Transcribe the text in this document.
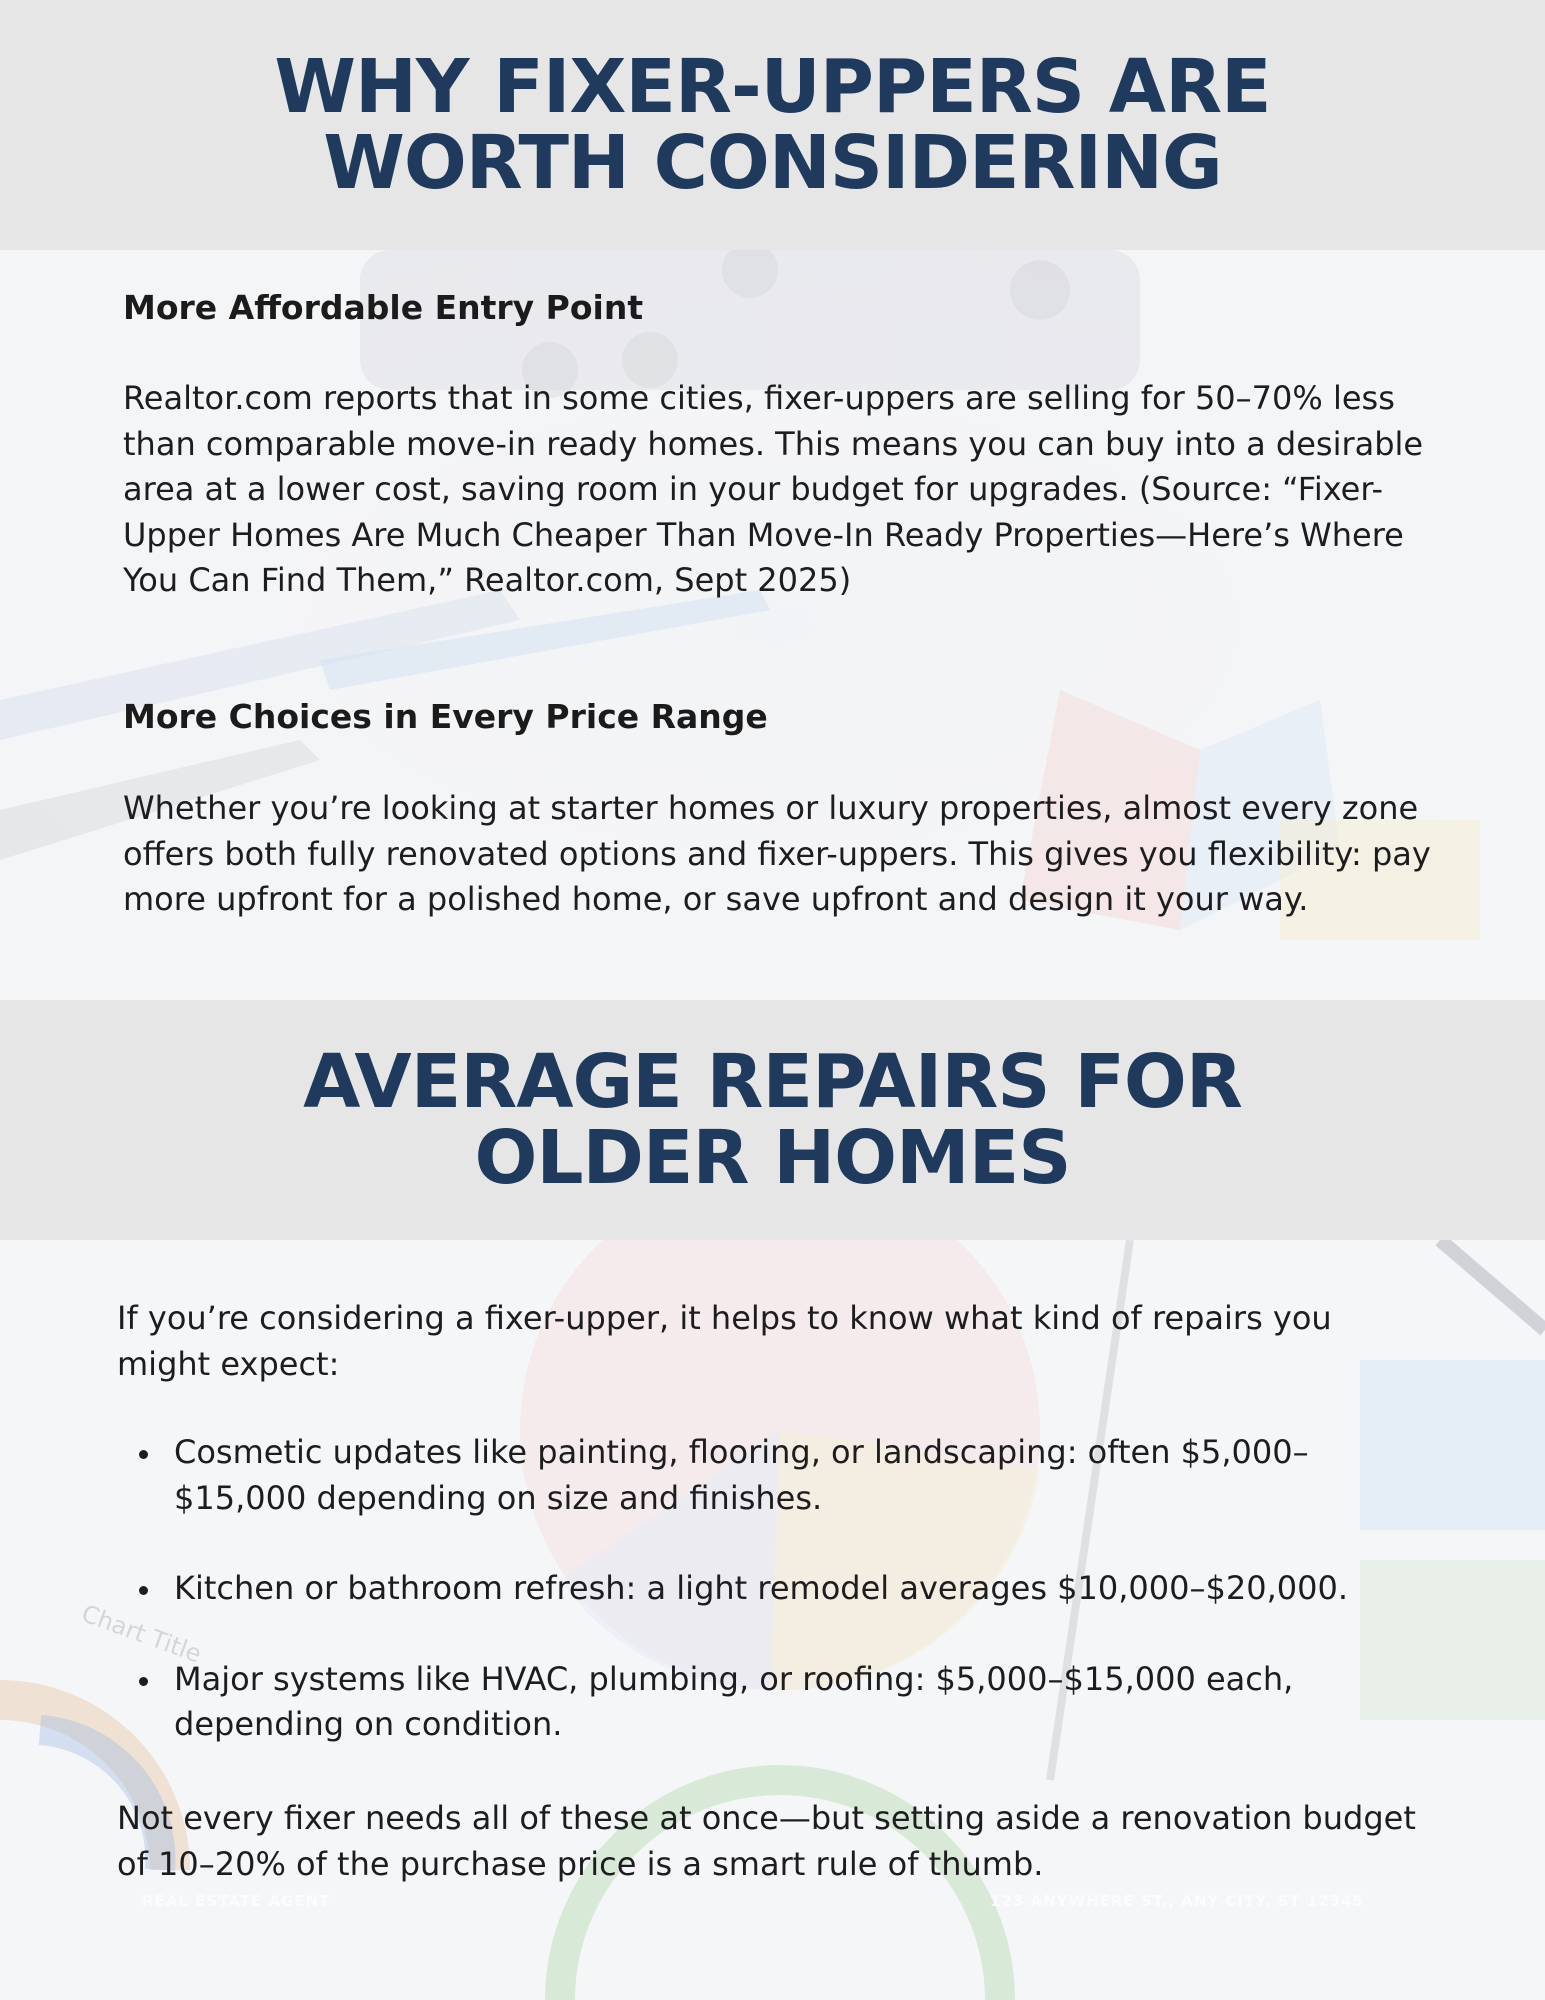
Chart Title
WHY FIXER-UPPERS ARE
WORTH CONSIDERING
More Affordable Entry Point

Realtor.com reports that in some cities, fixer-uppers are selling for 50–70% less than comparable move-in ready homes. This means you can buy into a desirable area at a lower cost, saving room in your budget for upgrades. (Source: “Fixer-Upper Homes Are Much Cheaper Than Move-In Ready Properties—Here’s Where You Can Find Them,” Realtor.com, Sept 2025)

More Choices in Every Price Range

Whether you’re looking at starter homes or luxury properties, almost every zone offers both fully renovated options and fixer-uppers. This gives you flexibility: pay more upfront for a polished home, or save upfront and design it your way.

AVERAGE REPAIRS FOR
OLDER HOMES

If you’re considering a fixer-upper, it helps to know what kind of repairs you might expect:

Cosmetic updates like painting, flooring, or landscaping: often $5,000–$15,000 depending on size and finishes.
Kitchen or bathroom refresh: a light remodel averages $10,000–$20,000.
Major systems like HVAC, plumbing, or roofing: $5,000–$15,000 each, depending on condition.

Not every fixer needs all of these at once—but setting aside a renovation budget of 10–20% of the purchase price is a smart rule of thumb.

REAL ESTATE AGENT	123 ANYWHERE ST., ANY CITY, ST 12345
